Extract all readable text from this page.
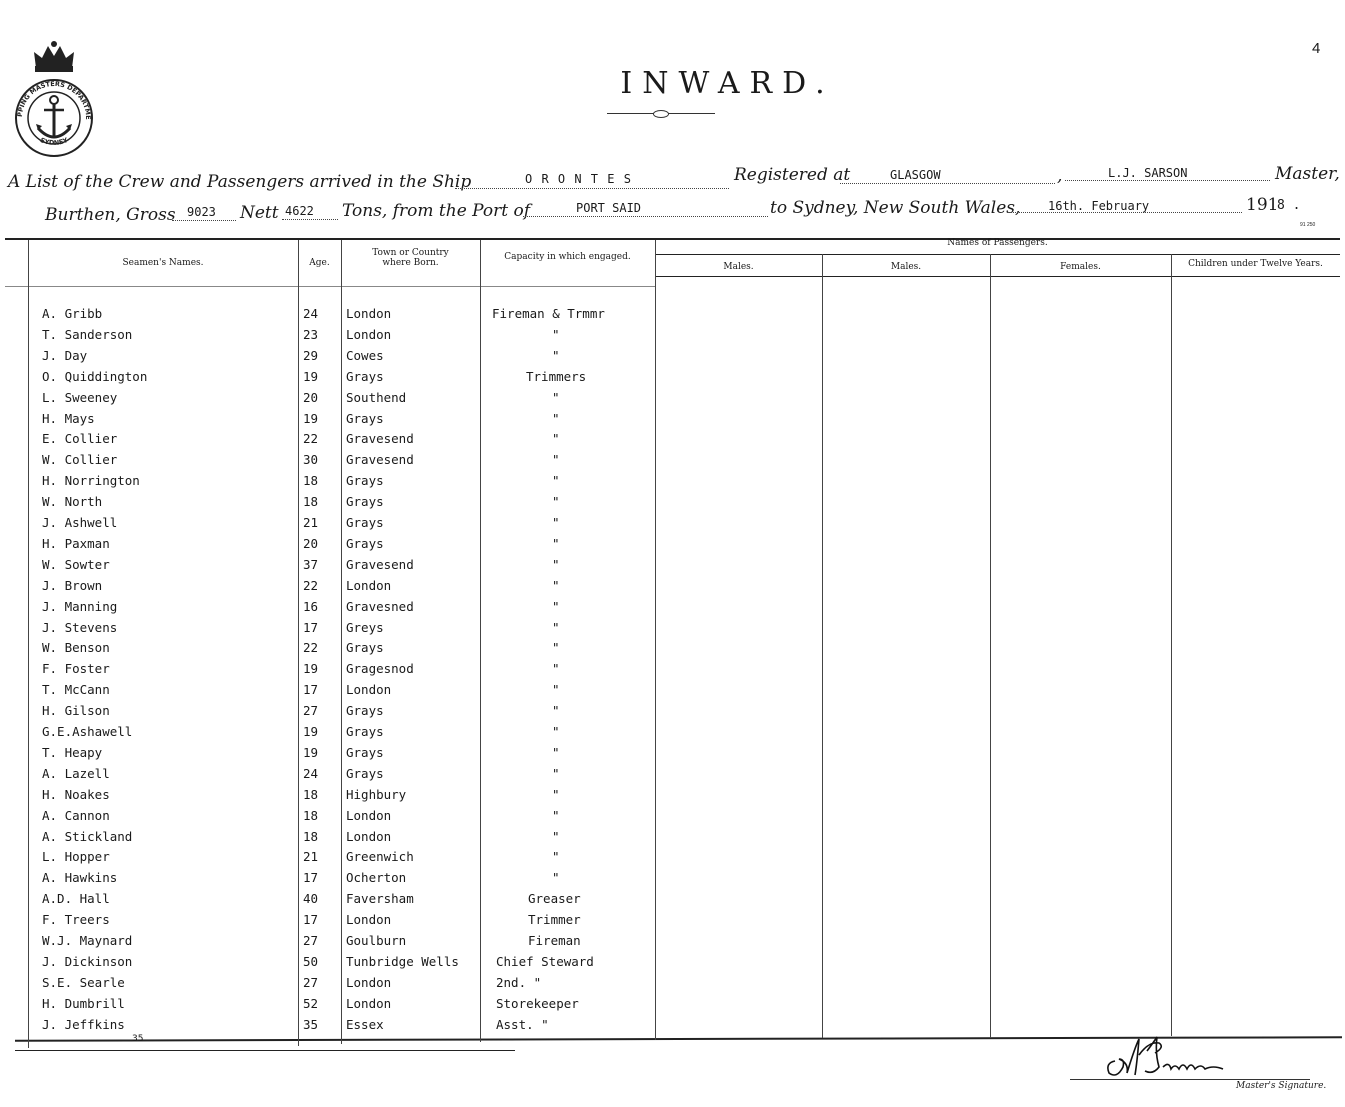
4
PPING MASTERS DEPARTME
SYDNEY
INWARD.
A List of the Crew and Passengers arrived in the Ship	O R O N T E S	Registered at	GLASGOW	,	L.J. SARSON	Master,
Burthen, Gross 9023 Nett 4622 Tons, from the Port of	PORT SAID	to Sydney, New South Wales, 16th. February	191
8 .
91 250
Seamen's Names.	Age.
Town or Country where Born.
Capacity in which engaged.
Names of Passengers.
Males.	Males.	Females.	Children under Twelve Years.
A. Gribb	24 London	Fireman & Trmmr
T. Sanderson	23 London	"
J. Day	29 Cowes	"
O. Quiddington	19 Grays	Trimmers
L. Sweeney	20 Southend	"
H. Mays	19 Grays	"
E. Collier	22 Gravesend	"
W. Collier	30 Gravesend	"
H. Norrington	18 Grays	"
W. North	18 Grays	"
J. Ashwell	21 Grays	"
H. Paxman	20 Grays	"
W. Sowter	37 Gravesend	"
J. Brown	22 London	"
J. Manning	16 Gravesned	"
J. Stevens	17 Greys	"
W. Benson	22 Grays	"
F. Foster	19 Gragesnod	"
T. McCann	17 London	"
H. Gilson	27 Grays	"
G.E.Ashawell	19 Grays	"
T. Heapy	19 Grays	"
A. Lazell	24 Grays	"
H. Noakes	18 Highbury	"
A. Cannon	18 London	"
A. Stickland	18 London	"
L. Hopper	21 Greenwich	"
A. Hawkins	17 Ocherton	"
A.D. Hall	40 Faversham	Greaser
F. Treers	17 London	Trimmer
W.J. Maynard	27 Goulburn	Fireman
J. Dickinson	50 Tunbridge Wells	Chief Steward
S.E. Searle	27 London	2nd. "
H. Dumbrill	52 London	Storekeeper
J. Jeffkins	35 Essex	Asst. "
35
Master's Signature.
